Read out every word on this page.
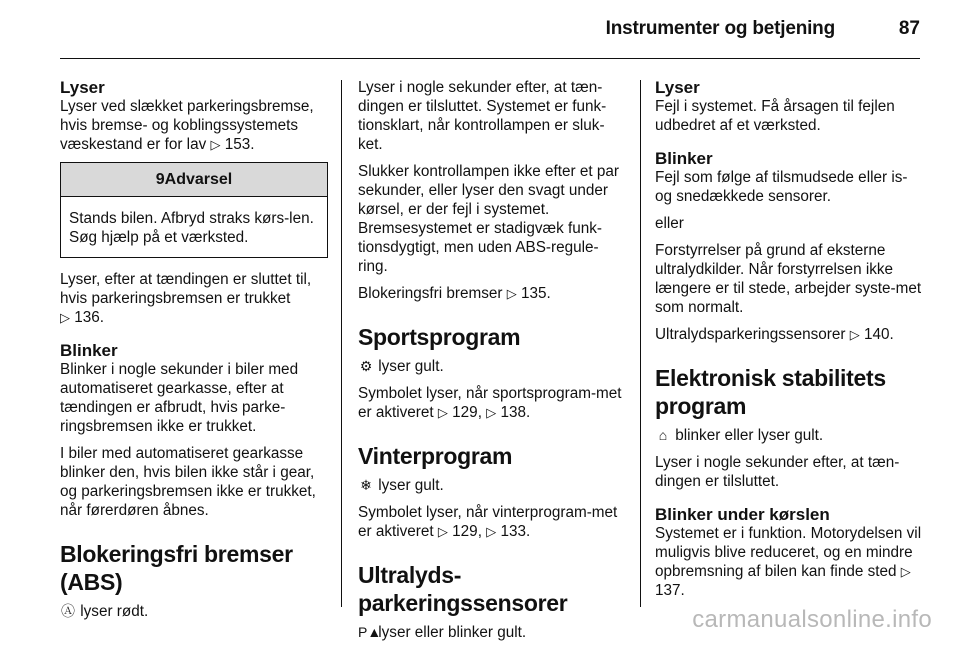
Instrumenter og betjening	87
Lyser

Lyser ved slækket parkeringsbremse, hvis bremse- og koblingssystemets væskestand er for lav ▷ 153.

9Advarsel
Stands bilen. Afbryd straks kørs-len. Søg hjælp på et værksted.

Lyser, efter at tændingen er sluttet til, hvis parkeringsbremsen er trukket
▷ 136.

Blinker

Blinker i nogle sekunder i biler med automatiseret gearkasse, efter at tændingen er afbrudt, hvis parke-ringsbremsen ikke er trukket.

I biler med automatiseret gearkasse blinker den, hvis bilen ikke står i gear, og parkeringsbremsen ikke er trukket, når førerdøren åbnes.

Blokeringsfri bremser (ABS)

Ⓐ lyser rødt.

Lyser i nogle sekunder efter, at tæn-dingen er tilsluttet. Systemet er funk-tionsklart, når kontrollampen er sluk-ket.

Slukker kontrollampen ikke efter et par sekunder, eller lyser den svagt under kørsel, er der fejl i systemet. Bremsesystemet er stadigvæk funk-tionsdygtigt, men uden ABS-regule-ring.

Blokeringsfri bremser ▷ 135.

Sportsprogram

⚙ lyser gult.

Symbolet lyser, når sportsprogram-met er aktiveret ▷ 129, ▷ 138.

Vinterprogram

❄ lyser gult.

Symbolet lyser, når vinterprogram-met er aktiveret ▷ 129, ▷ 133.

Ultralyds-parkeringssensorer

P▲ lyser eller blinker gult.

Lyser

Fejl i systemet. Få årsagen til fejlen udbedret af et værksted.

Blinker

Fejl som følge af tilsmudsede eller is- og snedækkede sensorer.

eller

Forstyrrelser på grund af eksterne ultralydkilder. Når forstyrrelsen ikke længere er til stede, arbejder syste-met som normalt.

Ultralydsparkeringssensorer ▷ 140.

Elektronisk stabilitets program

⌂ blinker eller lyser gult.

Lyser i nogle sekunder efter, at tæn-dingen er tilsluttet.

Blinker under kørslen

Systemet er i funktion. Motorydelsen vil muligvis blive reduceret, og en mindre opbremsning af bilen kan finde sted ▷ 137.

carmanualsonline.info
